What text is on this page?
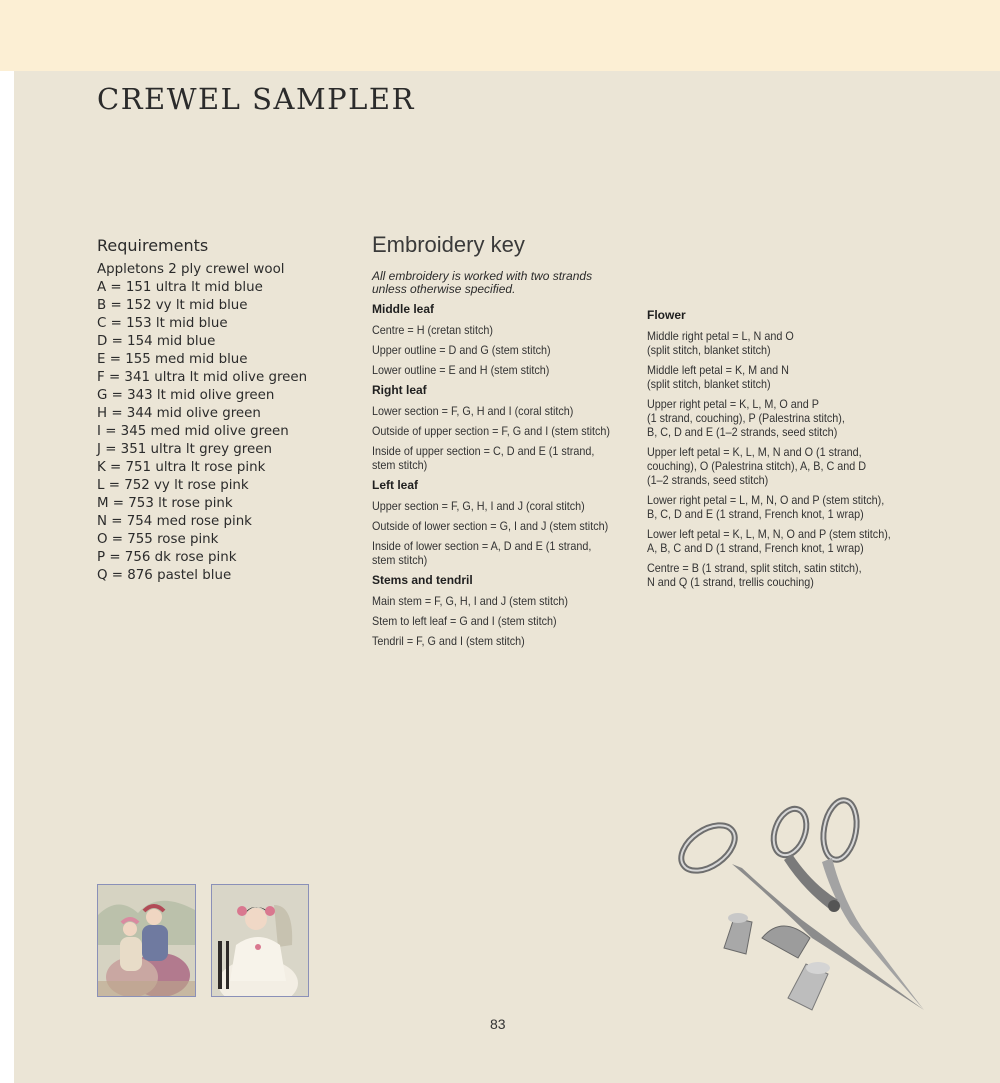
CREWEL SAMPLER
Requirements
Appletons 2 ply crewel wool
A = 151 ultra lt mid blue
B = 152 vy lt mid blue
C = 153 lt mid blue
D = 154 mid blue
E = 155 med mid blue
F = 341 ultra lt mid olive green
G = 343 lt mid olive green
H = 344 mid olive green
I = 345 med mid olive green
J = 351 ultra lt grey green
K = 751 ultra lt rose pink
L = 752 vy lt rose pink
M = 753 lt rose pink
N = 754 med rose pink
O = 755 rose pink
P = 756 dk rose pink
Q = 876 pastel blue
Embroidery key
All embroidery is worked with two strands
unless otherwise specified.
Middle leaf
Centre = H (cretan stitch)
Upper outline = D and G (stem stitch)
Lower outline = E and H (stem stitch)
Right leaf
Lower section = F, G, H and I (coral stitch)
Outside of upper section = F, G and I (stem stitch)
Inside of upper section = C, D and E (1 strand,
stem stitch)
Left leaf
Upper section = F, G, H, I and J (coral stitch)
Outside of lower section = G, I and J (stem stitch)
Inside of lower section = A, D and E (1 strand,
stem stitch)
Stems and tendril
Main stem = F, G, H, I and J (stem stitch)
Stem to left leaf = G and I (stem stitch)
Tendril = F, G and I (stem stitch)
Flower
Middle right petal = L, N and O
(split stitch, blanket stitch)
Middle left petal = K, M and N
(split stitch, blanket stitch)
Upper right petal = K, L, M, O and P
(1 strand, couching), P (Palestrina stitch),
B, C, D and E (1–2 strands, seed stitch)
Upper left petal = K, L, M, N and O (1 strand,
couching), O (Palestrina stitch), A, B, C and D
(1–2 strands, seed stitch)
Lower right petal = L, M, N, O and P (stem stitch),
B, C, D and E (1 strand, French knot, 1 wrap)
Lower left petal = K, L, M, N, O and P (stem stitch),
A, B, C and D (1 strand, French knot, 1 wrap)
Centre = B (1 strand, split stitch, satin stitch),
N and Q (1 strand, trellis couching)
83
